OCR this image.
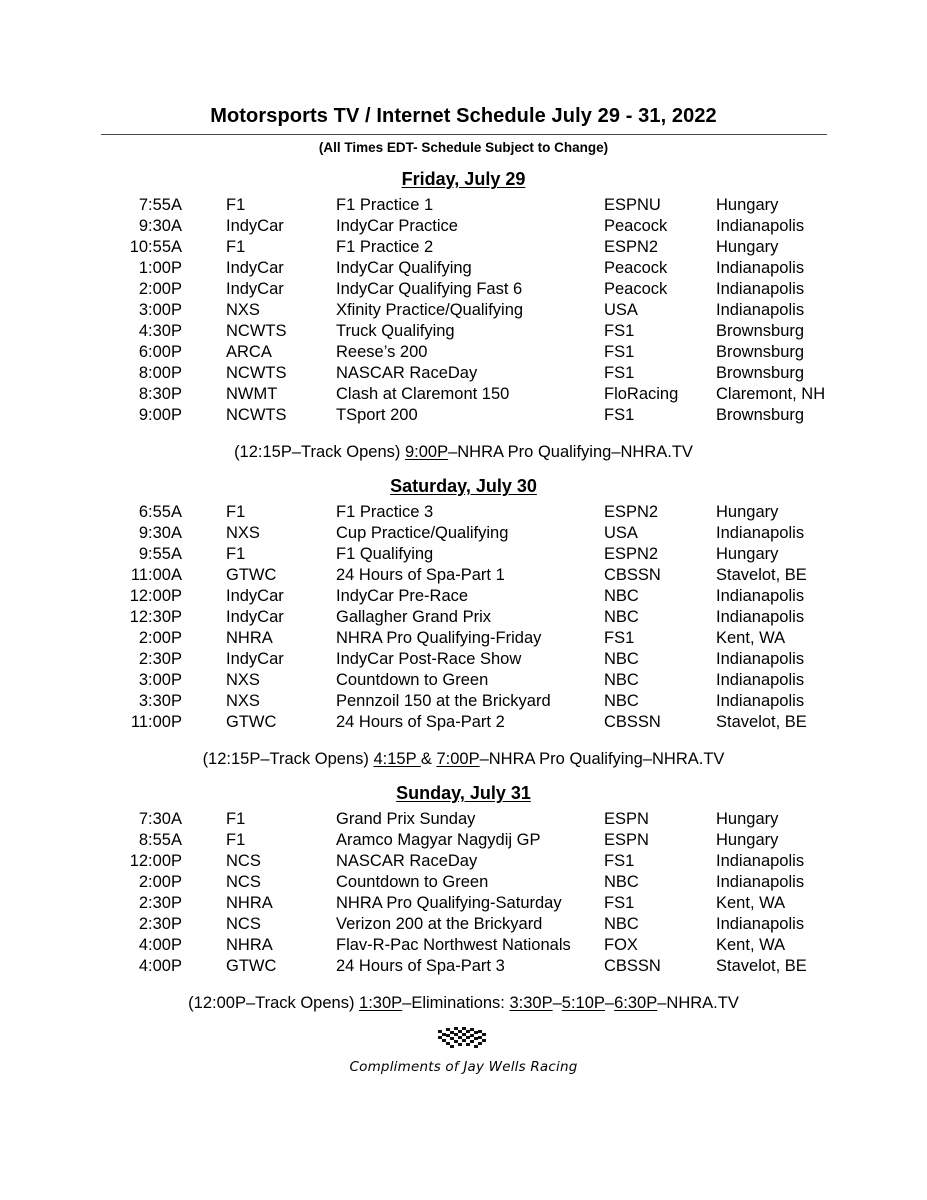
Motorsports TV / Internet Schedule July 29 - 31, 2022
(All Times EDT- Schedule Subject to Change)
Friday, July 29
7:55A	F1	F1 Practice 1	ESPNU	Hungary
9:30A	IndyCar	IndyCar Practice	Peacock	Indianapolis
10:55A	F1	F1 Practice 2	ESPN2	Hungary
1:00P	IndyCar	IndyCar Qualifying	Peacock	Indianapolis
2:00P	IndyCar	IndyCar Qualifying Fast 6	Peacock	Indianapolis
3:00P	NXS	Xfinity Practice/Qualifying	USA	Indianapolis
4:30P	NCWTS	Truck Qualifying	FS1	Brownsburg
6:00P	ARCA	Reese’s 200	FS1	Brownsburg
8:00P	NCWTS	NASCAR RaceDay	FS1	Brownsburg
8:30P	NWMT	Clash at Claremont 150	FloRacing	Claremont, NH
9:00P	NCWTS	TSport 200	FS1	Brownsburg
(12:15P–Track Opens) 9:00P–NHRA Pro Qualifying–NHRA.TV
Saturday, July 30
6:55A	F1	F1 Practice 3	ESPN2	Hungary
9:30A	NXS	Cup Practice/Qualifying	USA	Indianapolis
9:55A	F1	F1 Qualifying	ESPN2	Hungary
11:00A	GTWC	24 Hours of Spa-Part 1	CBSSN	Stavelot, BE
12:00P	IndyCar	IndyCar Pre-Race	NBC	Indianapolis
12:30P	IndyCar	Gallagher Grand Prix	NBC	Indianapolis
2:00P	NHRA	NHRA Pro Qualifying-Friday	FS1	Kent, WA
2:30P	IndyCar	IndyCar Post-Race Show	NBC	Indianapolis
3:00P	NXS	Countdown to Green	NBC	Indianapolis
3:30P	NXS	Pennzoil 150 at the Brickyard	NBC	Indianapolis
11:00P	GTWC	24 Hours of Spa-Part 2	CBSSN	Stavelot, BE
(12:15P–Track Opens) 4:15P & 7:00P–NHRA Pro Qualifying–NHRA.TV
Sunday, July 31
7:30A	F1	Grand Prix Sunday	ESPN	Hungary
8:55A	F1	Aramco Magyar Nagydij GP	ESPN	Hungary
12:00P	NCS	NASCAR RaceDay	FS1	Indianapolis
2:00P	NCS	Countdown to Green	NBC	Indianapolis
2:30P	NHRA	NHRA Pro Qualifying-Saturday	FS1	Kent, WA
2:30P	NCS	Verizon 200 at the Brickyard	NBC	Indianapolis
4:00P	NHRA	Flav-R-Pac Northwest Nationals	FOX	Kent, WA
4:00P	GTWC	24 Hours of Spa-Part 3	CBSSN	Stavelot, BE
(12:00P–Track Opens) 1:30P–Eliminations: 3:30P–5:10P–6:30P–NHRA.TV
Compliments of Jay Wells Racing
